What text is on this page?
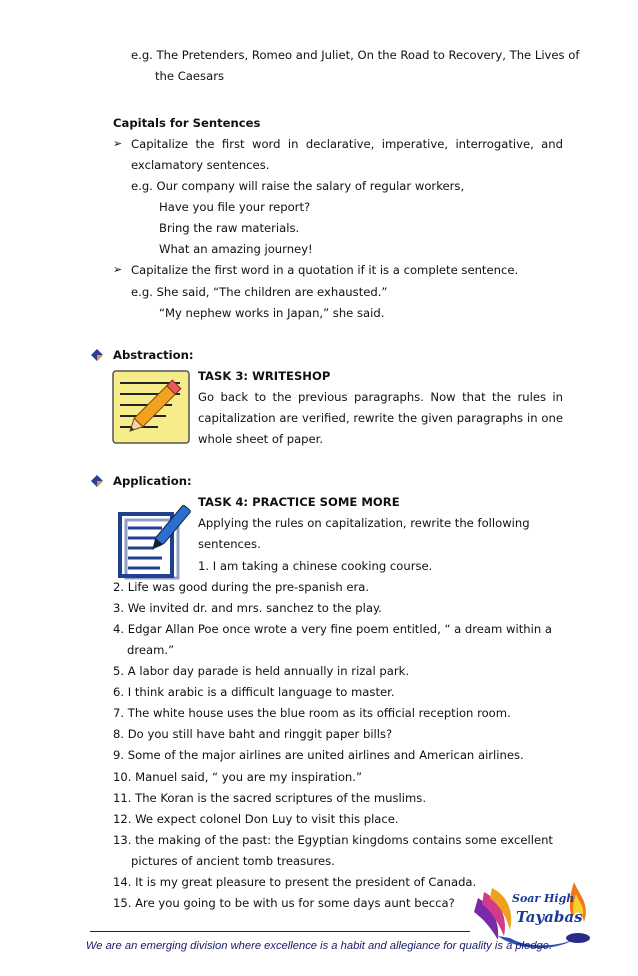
e.g. The Pretenders, Romeo and Juliet, On the Road to Recovery, The Lives of
the Caesars
Capitals for Sentences
➢ Capitalize the first word in declarative, imperative, interrogative, and
exclamatory sentences.
e.g. Our company will raise the salary of regular workers,
Have you file your report?
Bring the raw materials.
What an amazing journey!
➢ Capitalize the first word in a quotation if it is a complete sentence.
e.g. She said, “The children are exhausted.”
“My nephew works in Japan,” she said.
Abstraction:
TASK 3: WRITESHOP
Go back to the previous paragraphs. Now that the rules in
capitalization are verified, rewrite the given paragraphs in one
whole sheet of paper.
Application:
TASK 4: PRACTICE SOME MORE
Applying the rules on capitalization, rewrite the following
sentences.
1. I am taking a chinese cooking course.
2. Life was good during the pre-spanish era.
3. We invited dr. and mrs. sanchez to the play.
4. Edgar Allan Poe once wrote a very fine poem entitled, “ a dream within a
dream.”
5. A labor day parade is held annually in rizal park.
6. I think arabic is a difficult language to master.
7. The white house uses the blue room as its official reception room.
8. Do you still have baht and ringgit paper bills?
9. Some of the major airlines are united airlines and American airlines.
10. Manuel said, “ you are my inspiration.”
11. The Koran is the sacred scriptures of the muslims.
12. We expect colonel Don Luy to visit this place.
13. the making of the past: the Egyptian kingdoms contains some excellent
pictures of ancient tomb treasures.
14. It is my great pleasure to present the president of Canada.
15. Are you going to be with us for some days aunt becca?	Soar High
Tayabas
We are an emerging division where excellence is a habit and allegiance for quality is a pledge.
